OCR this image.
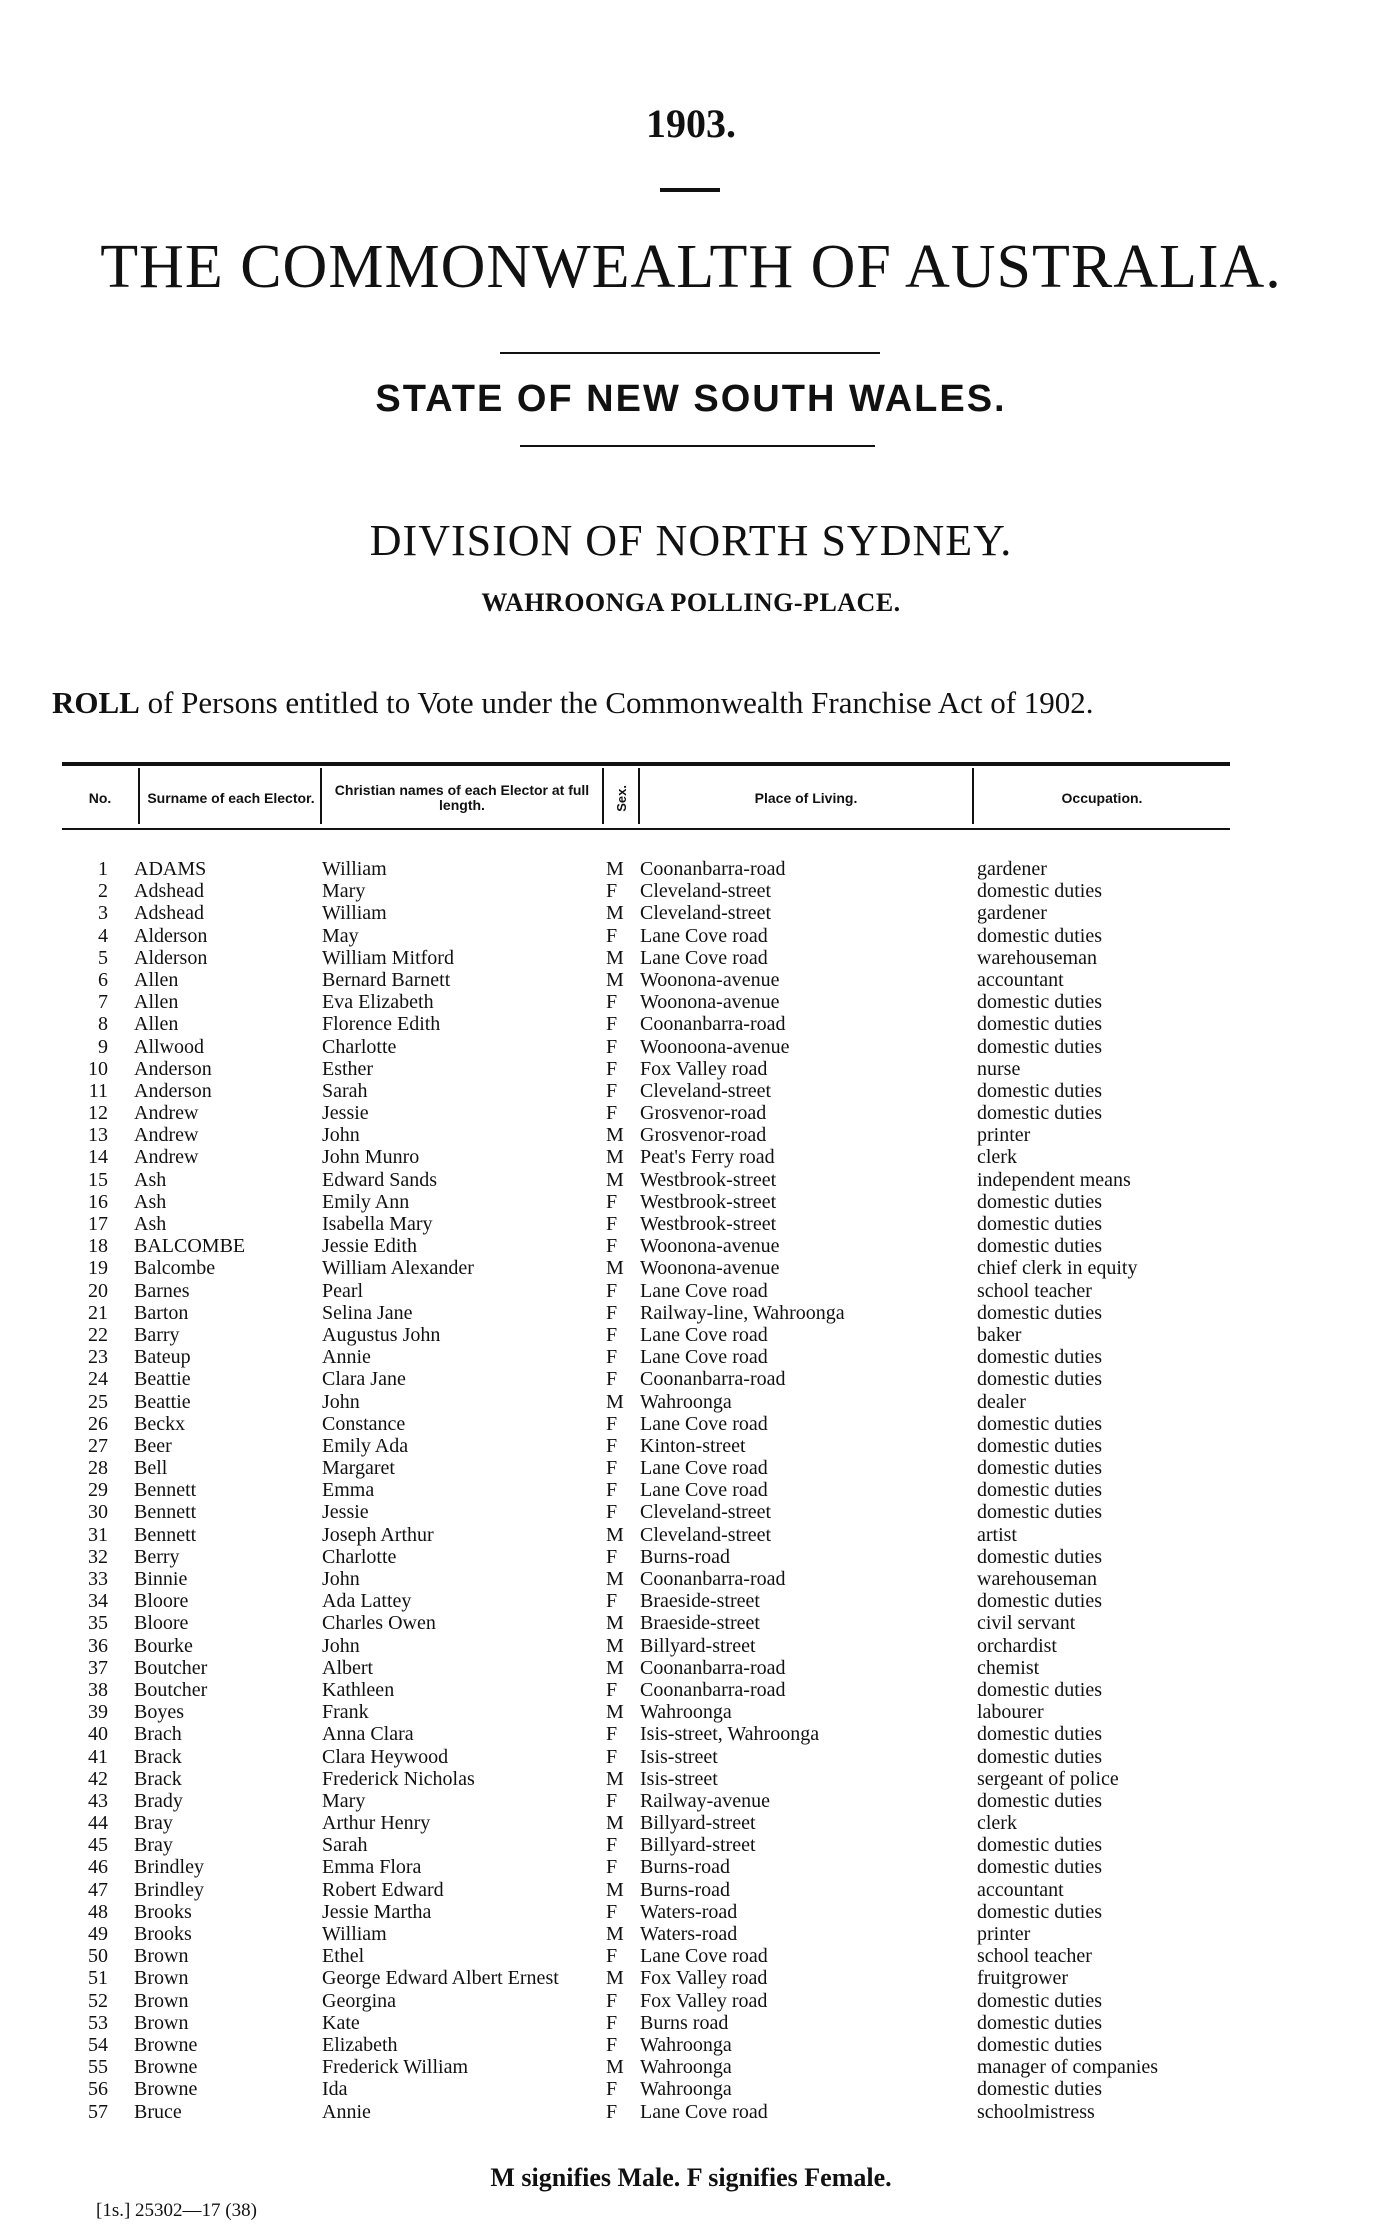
1903.
THE COMMONWEALTH OF AUSTRALIA.
STATE OF NEW SOUTH WALES.
DIVISION OF NORTH SYDNEY.
WAHROONGA POLLING-PLACE.
ROLL of Persons entitled to Vote under the Commonwealth Franchise Act of 1902.
No.	Surname of each Elector.	Christian names of each Elector at full length.	Sex.	Place of Living.	Occupation.
1 ADAMS	William	M Coonanbarra-road	gardener
2 Adshead	Mary	F Cleveland-street	domestic duties
3 Adshead	William	M Cleveland-street	gardener
4 Alderson	May	F Lane Cove road	domestic duties
5 Alderson	William Mitford	M Lane Cove road	warehouseman
6 Allen	Bernard Barnett	M Woonona-avenue	accountant
7 Allen	Eva Elizabeth	F Woonona-avenue	domestic duties
8 Allen	Florence Edith	F Coonanbarra-road	domestic duties
9 Allwood	Charlotte	F Woonoona-avenue	domestic duties
10 Anderson	Esther	F Fox Valley road	nurse
11 Anderson	Sarah	F Cleveland-street	domestic duties
12 Andrew	Jessie	F Grosvenor-road	domestic duties
13 Andrew	John	M Grosvenor-road	printer
14 Andrew	John Munro	M Peat's Ferry road	clerk
15 Ash	Edward Sands	M Westbrook-street	independent means
16 Ash	Emily Ann	F Westbrook-street	domestic duties
17 Ash	Isabella Mary	F Westbrook-street	domestic duties
18 BALCOMBE	Jessie Edith	F Woonona-avenue	domestic duties
19 Balcombe	William Alexander	M Woonona-avenue	chief clerk in equity
20 Barnes	Pearl	F Lane Cove road	school teacher
21 Barton	Selina Jane	F Railway-line, Wahroonga	domestic duties
22 Barry	Augustus John	F Lane Cove road	baker
23 Bateup	Annie	F Lane Cove road	domestic duties
24 Beattie	Clara Jane	F Coonanbarra-road	domestic duties
25 Beattie	John	M Wahroonga	dealer
26 Beckx	Constance	F Lane Cove road	domestic duties
27 Beer	Emily Ada	F Kinton-street	domestic duties
28 Bell	Margaret	F Lane Cove road	domestic duties
29 Bennett	Emma	F Lane Cove road	domestic duties
30 Bennett	Jessie	F Cleveland-street	domestic duties
31 Bennett	Joseph Arthur	M Cleveland-street	artist
32 Berry	Charlotte	F Burns-road	domestic duties
33 Binnie	John	M Coonanbarra-road	warehouseman
34 Bloore	Ada Lattey	F Braeside-street	domestic duties
35 Bloore	Charles Owen	M Braeside-street	civil servant
36 Bourke	John	M Billyard-street	orchardist
37 Boutcher	Albert	M Coonanbarra-road	chemist
38 Boutcher	Kathleen	F Coonanbarra-road	domestic duties
39 Boyes	Frank	M Wahroonga	labourer
40 Brach	Anna Clara	F Isis-street, Wahroonga	domestic duties
41 Brack	Clara Heywood	F Isis-street	domestic duties
42 Brack	Frederick Nicholas	M Isis-street	sergeant of police
43 Brady	Mary	F Railway-avenue	domestic duties
44 Bray	Arthur Henry	M Billyard-street	clerk
45 Bray	Sarah	F Billyard-street	domestic duties
46 Brindley	Emma Flora	F Burns-road	domestic duties
47 Brindley	Robert Edward	M Burns-road	accountant
48 Brooks	Jessie Martha	F Waters-road	domestic duties
49 Brooks	William	M Waters-road	printer
50 Brown	Ethel	F Lane Cove road	school teacher
51 Brown	George Edward Albert Ernest M Fox Valley road	fruitgrower
52 Brown	Georgina	F Fox Valley road	domestic duties
53 Brown	Kate	F Burns road	domestic duties
54 Browne	Elizabeth	F Wahroonga	domestic duties
55 Browne	Frederick William	M Wahroonga	manager of companies
56 Browne	Ida	F Wahroonga	domestic duties
57 Bruce	Annie	F Lane Cove road	schoolmistress
M signifies Male. F signifies Female.
[1s.] 25302—17 (38)
